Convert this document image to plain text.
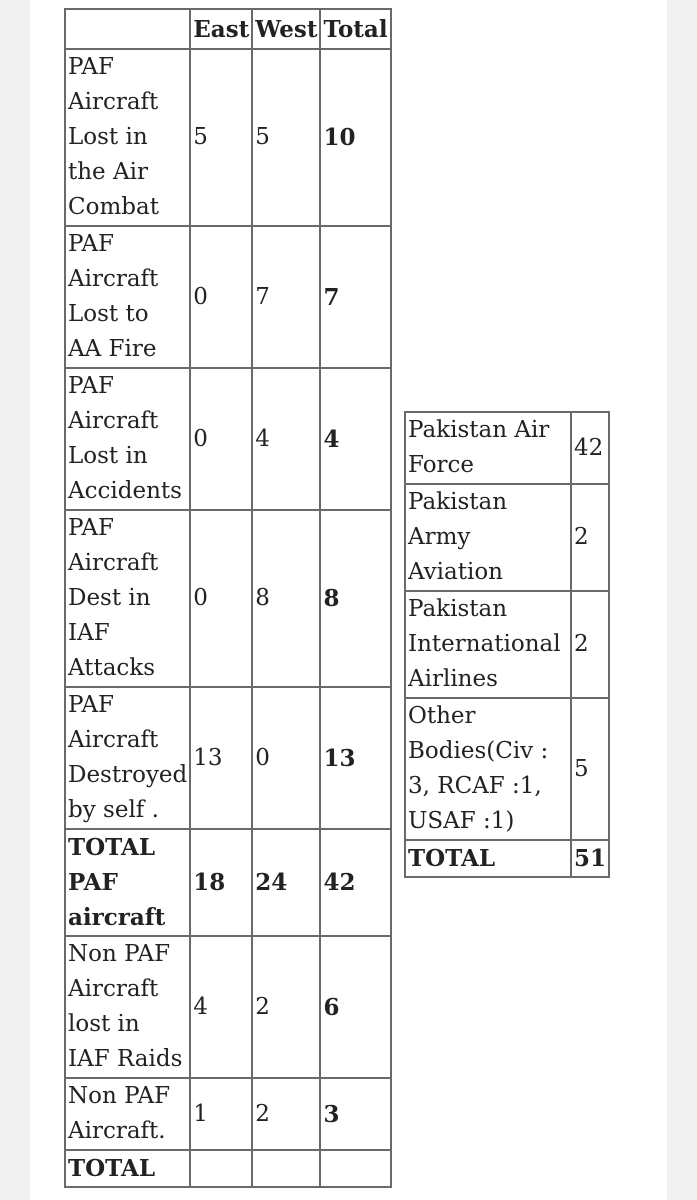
	East	West	Total
PAF Aircraft Lost in the Air Combat	5	5	10
PAF Aircraft Lost to AA Fire	0	7	7
PAF Aircraft Lost in Accidents	0	4	4
PAF Aircraft Dest in IAF Attacks	0	8	8
PAF Aircraft Destroyed by self .	13	0	13
TOTAL PAF aircraft	18	24	42
Non PAF Aircraft lost in IAF Raids	4	2	6
Non PAF Aircraft.	1	2	3
TOTAL			
Pakistan Air Force	42
Pakistan Army Aviation	2
Pakistan International Airlines	2
Other Bodies(Civ : 3, RCAF :1, USAF :1)	5
TOTAL	51
